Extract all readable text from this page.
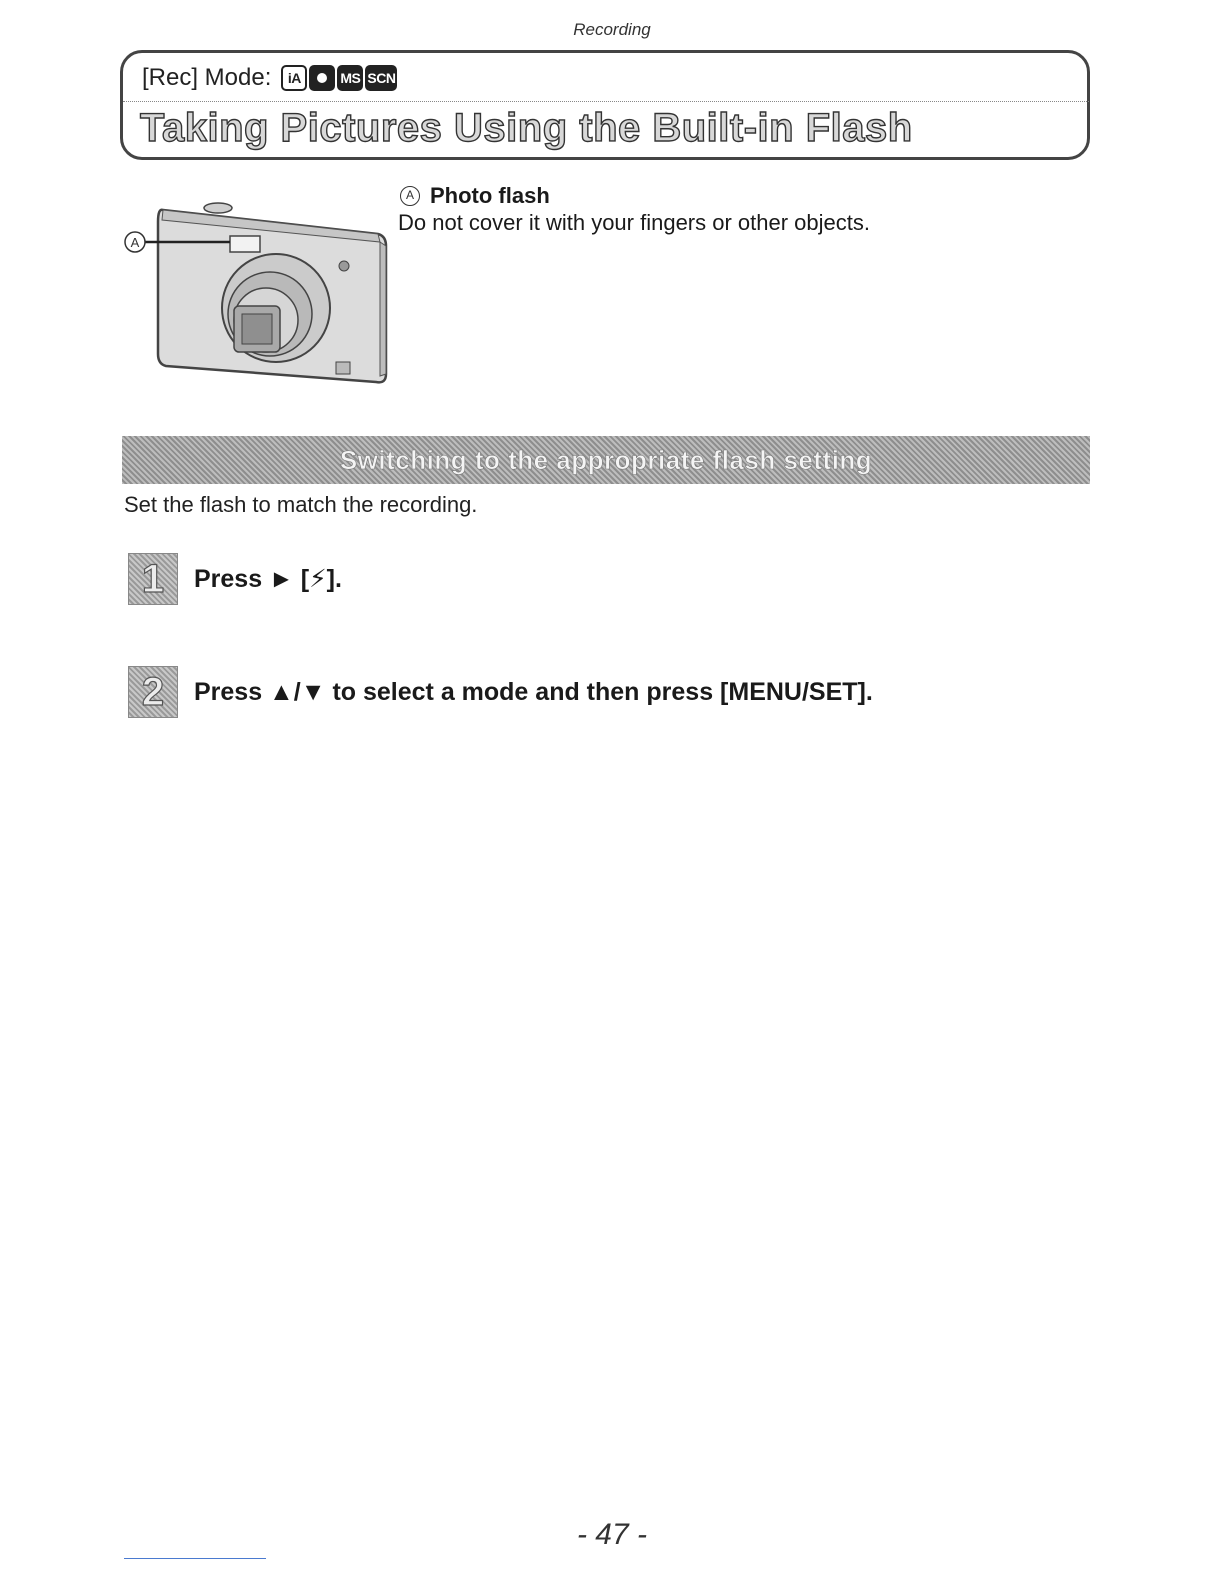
Recording
[Rec] Mode:	iA	MS SCN
Taking Pictures Using the Built-in Flash
A
A Photo flash
Do not cover it with your fingers or other objects.
Switching to the appropriate flash setting
Set the flash to match the recording.
1	Press ► [⚡].
2	Press ▲/▼ to select a mode and then press [MENU/SET].
- 47 -
